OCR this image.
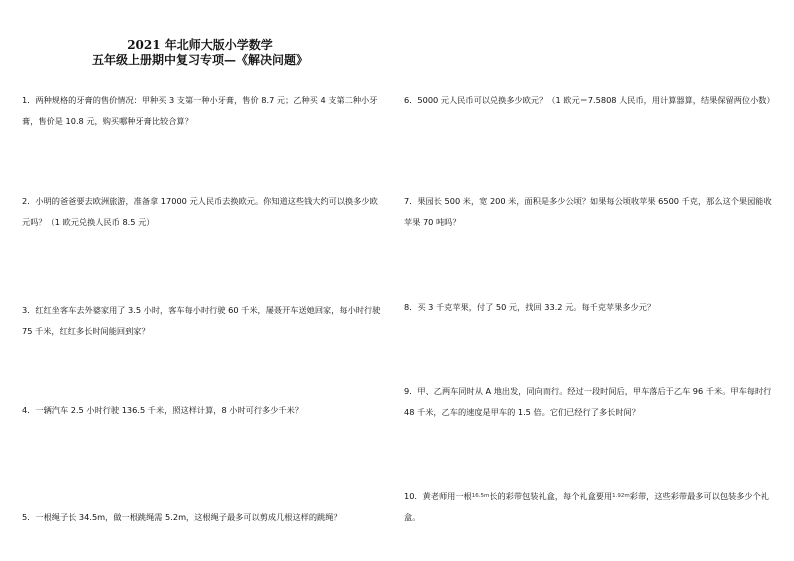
2021 年北师大版小学数学
五年级上册期中复习专项—《解决问题》
1．两种规格的牙膏的售价情况：甲种买 3 支第一种小牙膏，售价 8.7 元；乙种买 4 支第二种小牙膏，售价是 10.8 元，购买哪种牙膏比较合算？
2．小明的爸爸要去欧洲旅游，准备拿 17000 元人民币去换欧元。你知道这些钱大约可以换多少欧元吗？（1 欧元兑换人民币 8.5 元）
3．红红坐客车去外婆家用了 3.5 小时，客车每小时行驶 60 千米，屡聂开车送她回家，每小时行驶 75 千米，红红多长时间能回到家？
4．一辆汽车 2.5 小时行驶 136.5 千米，照这样计算，8 小时可行多少千米？
5．一根绳子长 34.5m，做一根跳绳需 5.2m，这根绳子最多可以剪成几根这样的跳绳？
6．5000 元人民币可以兑换多少欧元？（1 欧元＝7.5808 人民币，用计算器算，结果保留两位小数）
7．果园长 500 米，宽 200 米，面积是多少公顷？如果每公顷收苹果 6500 千克，那么这个果园能收苹果 70 吨吗？
8．买 3 千克苹果，付了 50 元，找回 33.2 元。每千克苹果多少元？
9．甲、乙两车同时从 A 地出发，同向而行。经过一段时间后，甲车落后于乙车 96 千米。甲车每时行 48 千米，乙车的速度是甲车的 1.5 倍。它们已经行了多长时间？
10．黄老师用一根$^{16.5m}$长的彩带包装礼盒，每个礼盒要用$^{1.92m}$彩带，这些彩带最多可以包装多少个礼盒。
